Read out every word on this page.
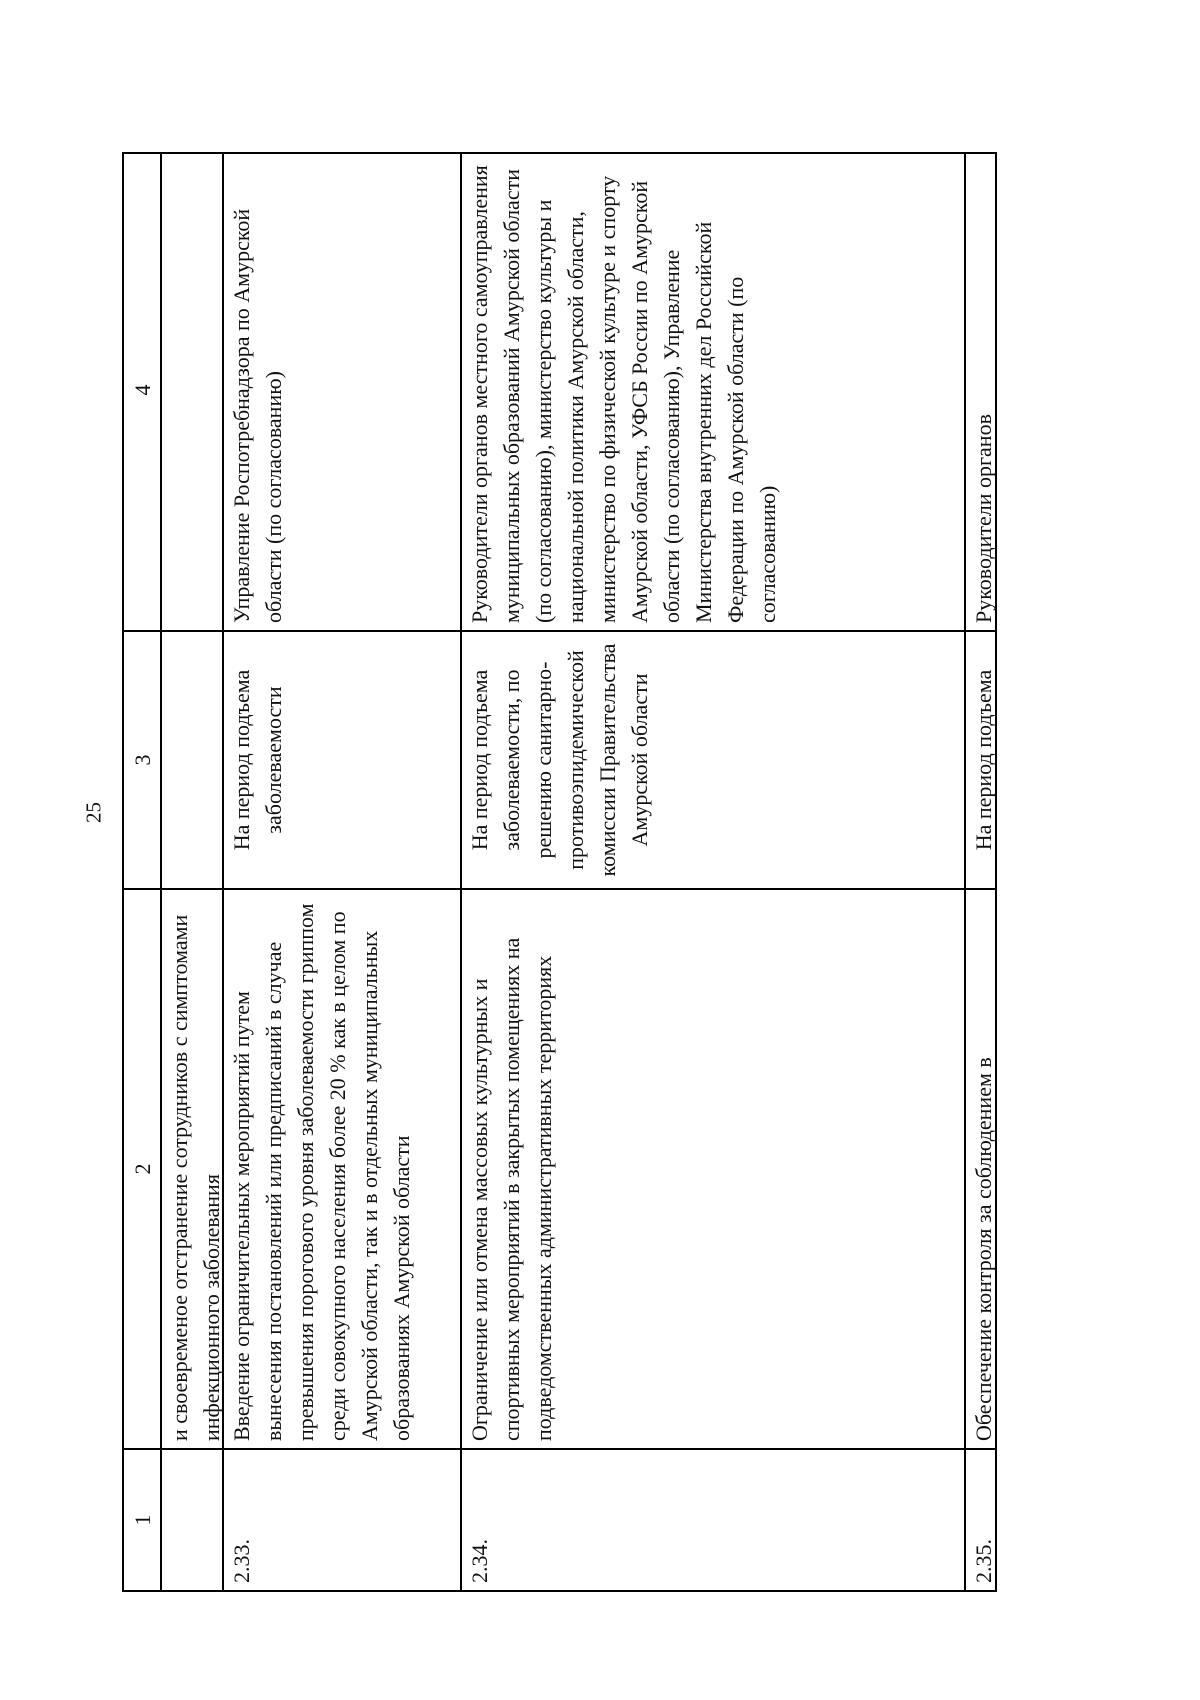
25
1
2
3
4
и своевременое отстранение сотрудников с симптомами инфекционного заболевания
2.33.
Введение ограничительных мероприятий путем вынесения постановлений или предписаний в случае превышения порогового уровня заболеваемости гриппом среди совокупного населения более 20 % как в целом по Амурской области, так и в отдельных муниципальных образованиях Амурской области
На период подъема заболеваемости
Управление Роспотребнадзора по Амурской области (по согласованию)
2.34.
Ограничение или отмена массовых культурных и спортивных мероприятий в закрытых помещениях на подведомственных административных территориях
На период подъема заболеваемости, по решению санитарно-противоэпидемической комиссии Правительства Амурской области
Руководители органов местного самоуправления муниципальных образований Амурской области (по согласованию), министерство культуры и национальной политики Амурской области, министерство по физической культуре и спорту Амурской области, УФСБ России по Амурской области (по согласованию), Управление Министерства внутренних дел Российской Федерации по Амурской области (по согласованию)
2.35.
Обеспечение контроля за соблюдением в
На период подъема
Руководители органов
